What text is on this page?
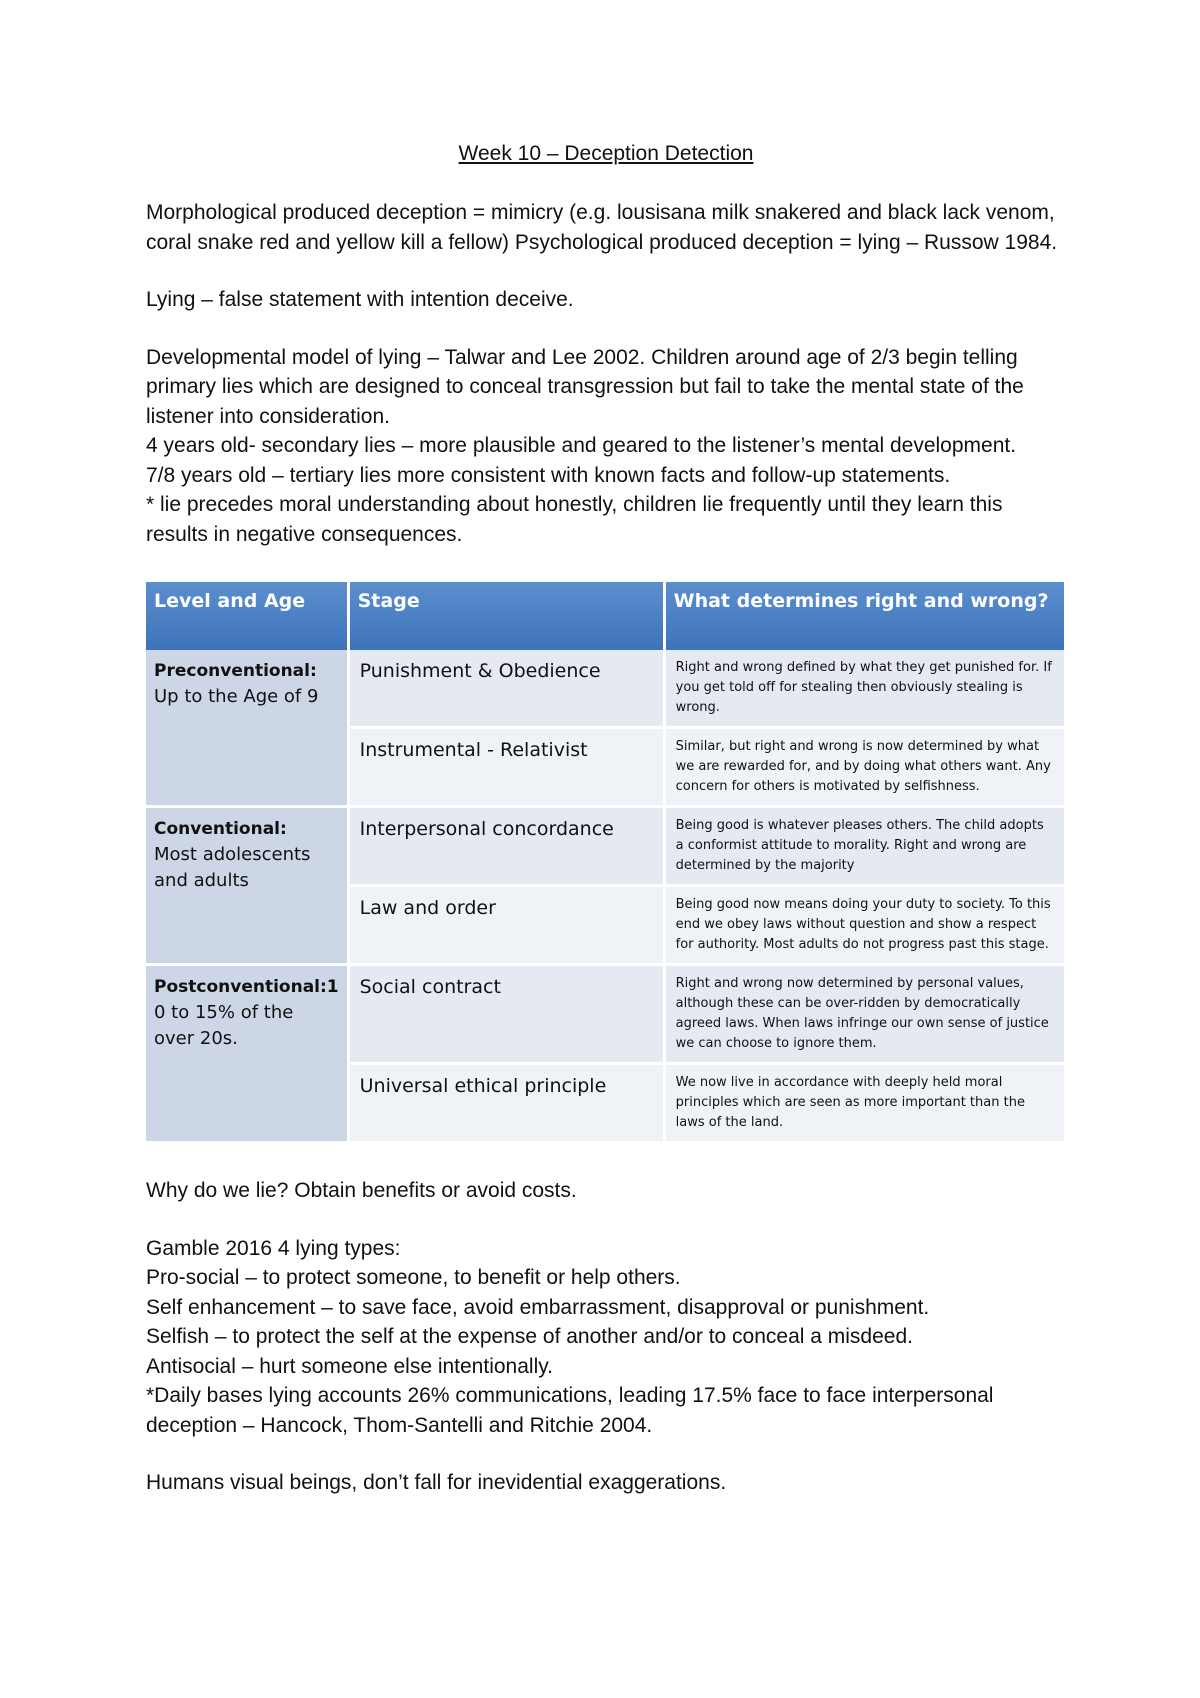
Week 10 – Deception Detection

Morphological produced deception = mimicry (e.g. lousisana milk snakered and black lack venom, coral snake red and yellow kill a fellow) Psychological produced deception = lying – Russow 1984.

Lying – false statement with intention deceive.

Developmental model of lying – Talwar and Lee 2002. Children around age of 2/3 begin telling primary lies which are designed to conceal transgression but fail to take the mental state of the listener into consideration.

4 years old- secondary lies – more plausible and geared to the listener’s mental development.

7/8 years old – tertiary lies more consistent with known facts and follow-up statements.

* lie precedes moral understanding about honestly, children lie frequently until they learn this results in negative consequences.

Level and Age	Stage	What determines right and wrong?

Preconventional:
Up to the Age of 9	Punishment & Obedience	Right and wrong defined by what they get punished for. If you get told off for stealing then obviously stealing is wrong.
	Instrumental - Relativist	Similar, but right and wrong is now determined by what we are rewarded for, and by doing what others want. Any concern for others is motivated by selfishness.

Conventional:
Most adolescents and adults	Interpersonal concordance	Being good is whatever pleases others. The child adopts a conformist attitude to morality. Right and wrong are determined by the majority
	Law and order	Being good now means doing your duty to society. To this end we obey laws without question and show a respect for authority. Most adults do not progress past this stage.

Postconventional:1
0 to 15% of the over 20s.	Social contract	Right and wrong now determined by personal values, although these can be over-ridden by democratically agreed laws. When laws infringe our own sense of justice we can choose to ignore them.
	Universal ethical principle	We now live in accordance with deeply held moral principles which are seen as more important than the laws of the land.

Why do we lie? Obtain benefits or avoid costs.

Gamble 2016 4 lying types:

Pro-social – to protect someone, to benefit or help others.

Self enhancement – to save face, avoid embarrassment, disapproval or punishment.

Selfish – to protect the self at the expense of another and/or to conceal a misdeed.

Antisocial – hurt someone else intentionally.

*Daily bases lying accounts 26% communications, leading 17.5% face to face interpersonal deception – Hancock, Thom-Santelli and Ritchie 2004.

Humans visual beings, don’t fall for inevidential exaggerations.
